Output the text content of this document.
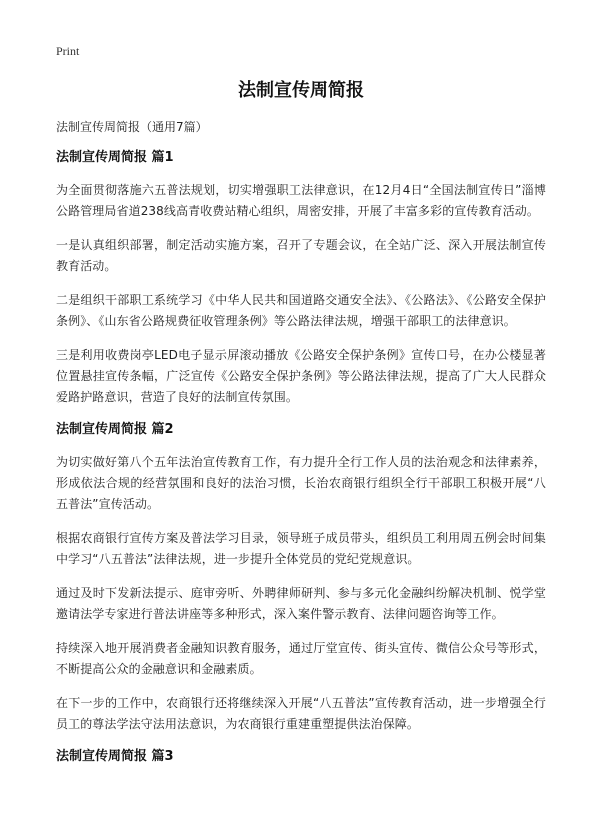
Print
法制宣传周简报
法制宣传周简报（通用7篇）
法制宣传周简报 篇1

为全面贯彻落施六五普法规划，切实增强职工法律意识，在12月4日“全国法制宣传日”淄博公路管理局省道238线高青收费站精心组织，周密安排，开展了丰富多彩的宣传教育活动。

一是认真组织部署，制定活动实施方案，召开了专题会议，在全站广泛、深入开展法制宣传教育活动。

二是组织干部职工系统学习《中华人民共和国道路交通安全法》、《公路法》、《公路安全保护条例》、《山东省公路规费征收管理条例》等公路法律法规，增强干部职工的法律意识。

三是利用收费岗亭LED电子显示屏滚动播放《公路安全保护条例》宣传口号，在办公楼显著位置悬挂宣传条幅，广泛宣传《公路安全保护条例》等公路法律法规，提高了广大人民群众爱路护路意识，营造了良好的法制宣传氛围。

法制宣传周简报 篇2

为切实做好第八个五年法治宣传教育工作，有力提升全行工作人员的法治观念和法律素养，形成依法合规的经营氛围和良好的法治习惯，长治农商银行组织全行干部职工积极开展“八五普法”宣传活动。

根据农商银行宣传方案及普法学习目录，领导班子成员带头，组织员工利用周五例会时间集中学习“八五普法”法律法规，进一步提升全体党员的党纪党规意识。

通过及时下发新法提示、庭审旁听、外聘律师研判、参与多元化金融纠纷解决机制、悦学堂邀请法学专家进行普法讲座等多种形式，深入案件警示教育、法律问题咨询等工作。

持续深入地开展消费者金融知识教育服务，通过厅堂宣传、街头宣传、微信公众号等形式，不断提高公众的金融意识和金融素质。

在下一步的工作中，农商银行还将继续深入开展“八五普法”宣传教育活动，进一步增强全行员工的尊法学法守法用法意识，为农商银行重建重塑提供法治保障。

法制宣传周简报 篇3
